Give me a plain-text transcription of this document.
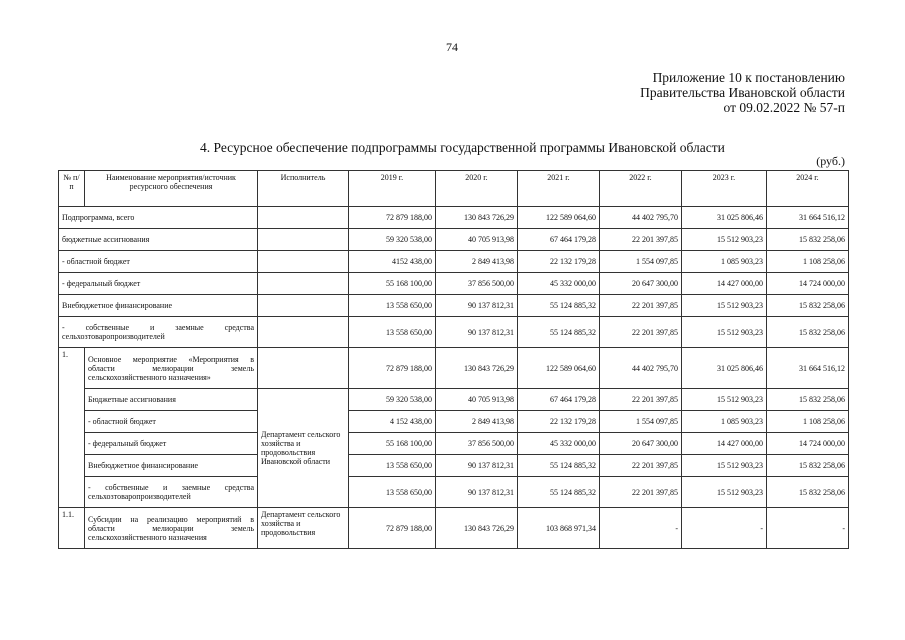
74
Приложение 10 к постановлению
Правительства Ивановской области
от 09.02.2022 № 57-п
4. Ресурсное обеспечение подпрограммы государственной программы Ивановской области
(руб.)
№ п/п	Наименование мероприятия/источник ресурсного обеспечения	Исполнитель	2019 г.	2020 г.	2021 г.	2022 г.	2023 г.	2024 г.
Подпрограмма, всего			72 879 188,00	130 843 726,29	122 589 064,60	44 402 795,70	31 025 806,46	31 664 516,12
бюджетные ассигнования			59 320 538,00	40 705 913,98	67 464 179,28	22 201 397,85	15 512 903,23	15 832 258,06
- областной бюджет			4152 438,00	2 849 413,98	22 132 179,28	1 554 097,85	1 085 903,23	1 108 258,06
- федеральный бюджет			55 168 100,00	37 856 500,00	45 332 000,00	20 647 300,00	14 427 000,00	14 724 000,00
Внебюджетное финансирование			13 558 650,00	90 137 812,31	55 124 885,32	22 201 397,85	15 512 903,23	15 832 258,06
- собственные и заемные средства сельхозтоваропроизводителей			13 558 650,00	90 137 812,31	55 124 885,32	22 201 397,85	15 512 903,23	15 832 258,06
1.	Основное мероприятие «Мероприятия в области мелиорации земель сельскохозяйственного назначения»		72 879 188,00	130 843 726,29	122 589 064,60	44 402 795,70	31 025 806,46	31 664 516,12
	Бюджетные ассигнования	Департамент сельского хозяйства и продовольствия Ивановской области	59 320 538,00	40 705 913,98	67 464 179,28	22 201 397,85	15 512 903,23	15 832 258,06
	- областной бюджет		4 152 438,00	2 849 413,98	22 132 179,28	1 554 097,85	1 085 903,23	1 108 258,06
	- федеральный бюджет		55 168 100,00	37 856 500,00	45 332 000,00	20 647 300,00	14 427 000,00	14 724 000,00
	Внебюджетное финансирование		13 558 650,00	90 137 812,31	55 124 885,32	22 201 397,85	15 512 903,23	15 832 258,06
	- собственные и заемные средства сельхозтоваропроизводителей		13 558 650,00	90 137 812,31	55 124 885,32	22 201 397,85	15 512 903,23	15 832 258,06
1.1.	Субсидии на реализацию мероприятий в области мелиорации земель сельскохозяйственного назначения	Департамент сельского хозяйства и продовольствия	72 879 188,00	130 843 726,29	103 868 971,34	-	-	-
